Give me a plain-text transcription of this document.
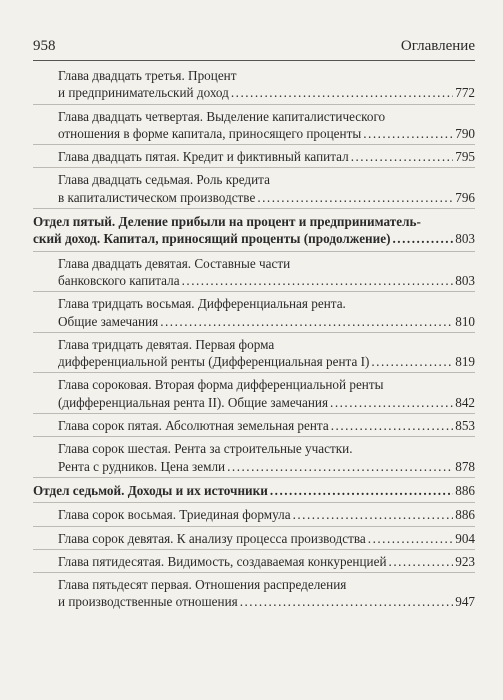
958	Оглавление
Глава двадцать третья. Процент
и предпринимательский доход .....	772
Глава двадцать четвертая. Выделение капиталистического
отношения в форме капитала, приносящего проценты .....	790
Глава двадцать пятая. Кредит и фиктивный капитал .....	795
Глава двадцать седьмая. Роль кредита
в капиталистическом производстве .....	796
Отдел пятый. Деление прибыли на процент и предприниматель-
ский доход. Капитал, приносящий проценты (продолжение) .....	803
Глава двадцать девятая. Составные части
банковского капитала .....	803
Глава тридцать восьмая. Дифференциальная рента.
Общие замечания .....	810
Глава тридцать девятая. Первая форма
дифференциальной ренты (Дифференциальная рента I) .....	819
Глава сороковая. Вторая форма дифференциальной ренты
(дифференциальная рента II). Общие замечания .....	842
Глава сорок пятая. Абсолютная земельная рента .....	853
Глава сорок шестая. Рента за строительные участки.
Рента с рудников. Цена земли .....	878
Отдел седьмой. Доходы и их источники .....	886
Глава сорок восьмая. Триединая формула .....	886
Глава сорок девятая. К анализу процесса производства .....	904
Глава пятидесятая. Видимость, создаваемая конкуренцией .....	923
Глава пятьдесят первая. Отношения распределения
и производственные отношения .....	947
